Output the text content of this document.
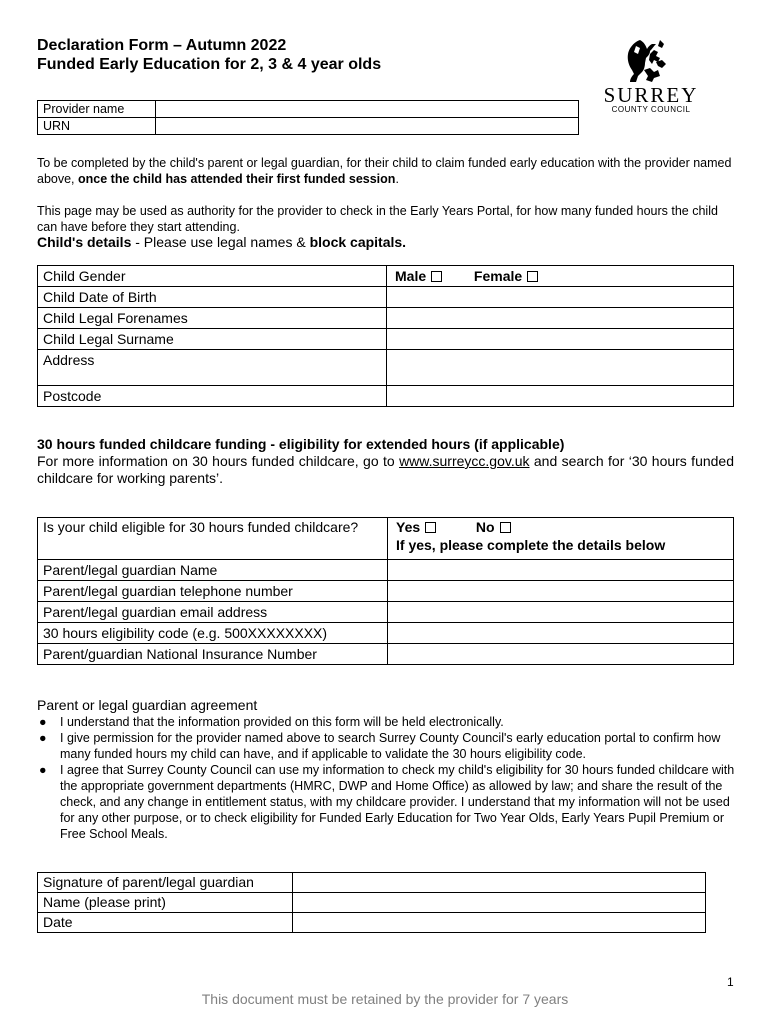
Declaration Form – Autumn 2022
Funded Early Education for 2, 3 & 4 year olds
SURREY
COUNTY COUNCIL
Provider name	
URN	
To be completed by the child's parent or legal guardian, for their child to claim funded early education with the provider named above, once the child has attended their first funded session.
This page may be used as authority for the provider to check in the Early Years Portal, for how many funded hours the child can have before they start attending.
Child's details - Please use legal names & block capitals.
Child Gender	Male Female
Child Date of Birth	
Child Legal Forenames	
Child Legal Surname	
Address	
Postcode	
30 hours funded childcare funding - eligibility for extended hours (if applicable)
For more information on 30 hours funded childcare, go to www.surreycc.gov.uk and search for ‘30 hours funded childcare for working parents’.
Is your child eligible for 30 hours funded childcare?	Yes No
If yes, please complete the details below

Parent/legal guardian Name	
Parent/legal guardian telephone number	
Parent/legal guardian email address	
30 hours eligibility code (e.g. 500XXXXXXXX)	
Parent/guardian National Insurance Number	
Parent or legal guardian agreement
● I understand that the information provided on this form will be held electronically.
● I give permission for the provider named above to search Surrey County Council's early education portal to confirm how many funded hours my child can have, and if applicable to validate the 30 hours eligibility code.
● I agree that Surrey County Council can use my information to check my child's eligibility for 30 hours funded childcare with the appropriate government departments (HMRC, DWP and Home Office) as allowed by law; and share the result of the check, and any change in entitlement status, with my childcare provider. I understand that my information will not be used for any other purpose, or to check eligibility for Funded Early Education for Two Year Olds, Early Years Pupil Premium or Free School Meals.
Signature of parent/legal guardian	
Name (please print)	
Date	
1
This document must be retained by the provider for 7 years
